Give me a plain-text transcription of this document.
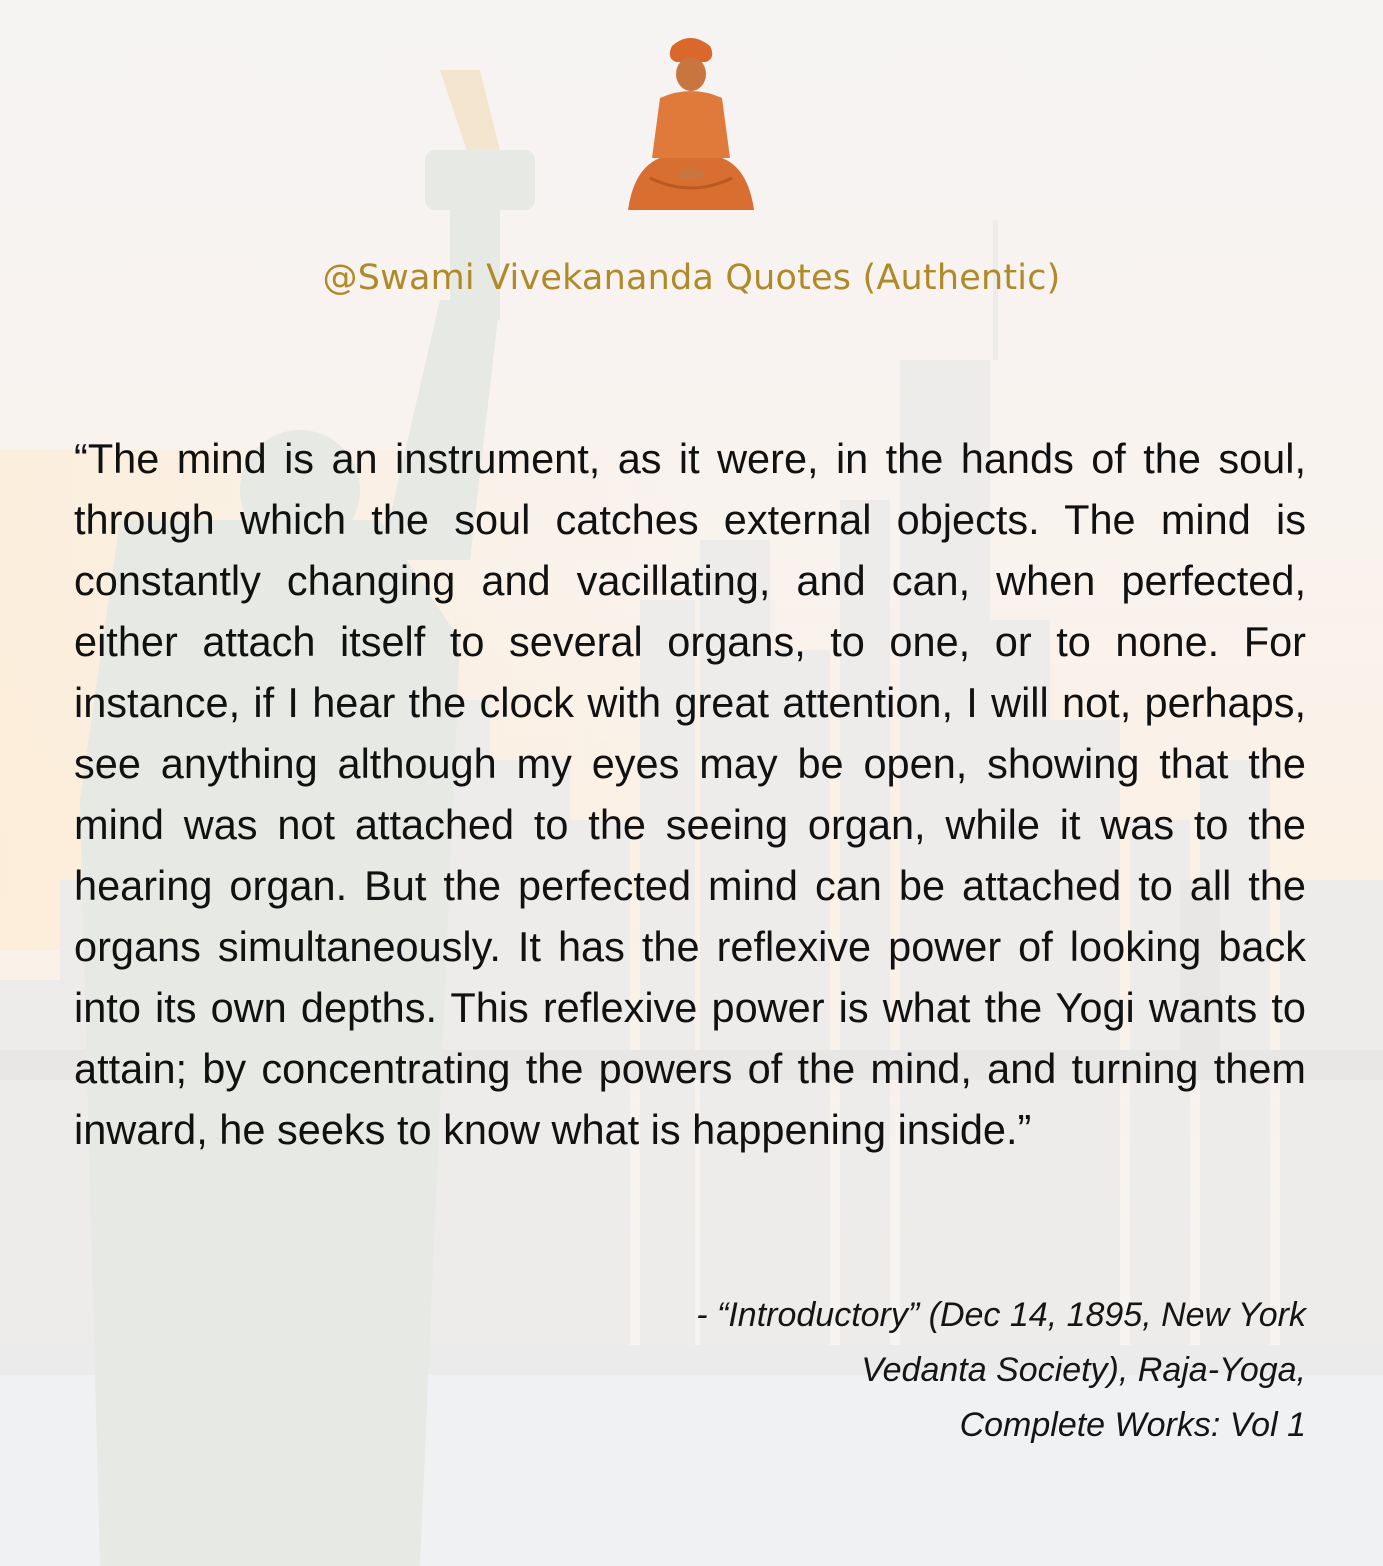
@Swami Vivekananda Quotes (Authentic)

“The mind is an instrument, as it were, in the hands of the soul, through which the soul catches external objects. The mind is constantly changing and vacillating, and can, when perfected, either attach itself to several organs, to one, or to none. For instance, if I hear the clock with great attention, I will not, perhaps, see anything although my eyes may be open, showing that the mind was not attached to the seeing organ, while it was to the hearing organ. But the perfected mind can be attached to all the organs simultaneously. It has the reflexive power of looking back into its own depths. This reflexive power is what the Yogi wants to attain; by concentrating the powers of the mind, and turning them inward, he seeks to know what is happening inside.”

- “Introductory” (Dec 14, 1895, New York
Vedanta Society), Raja-Yoga,
Complete Works: Vol 1
